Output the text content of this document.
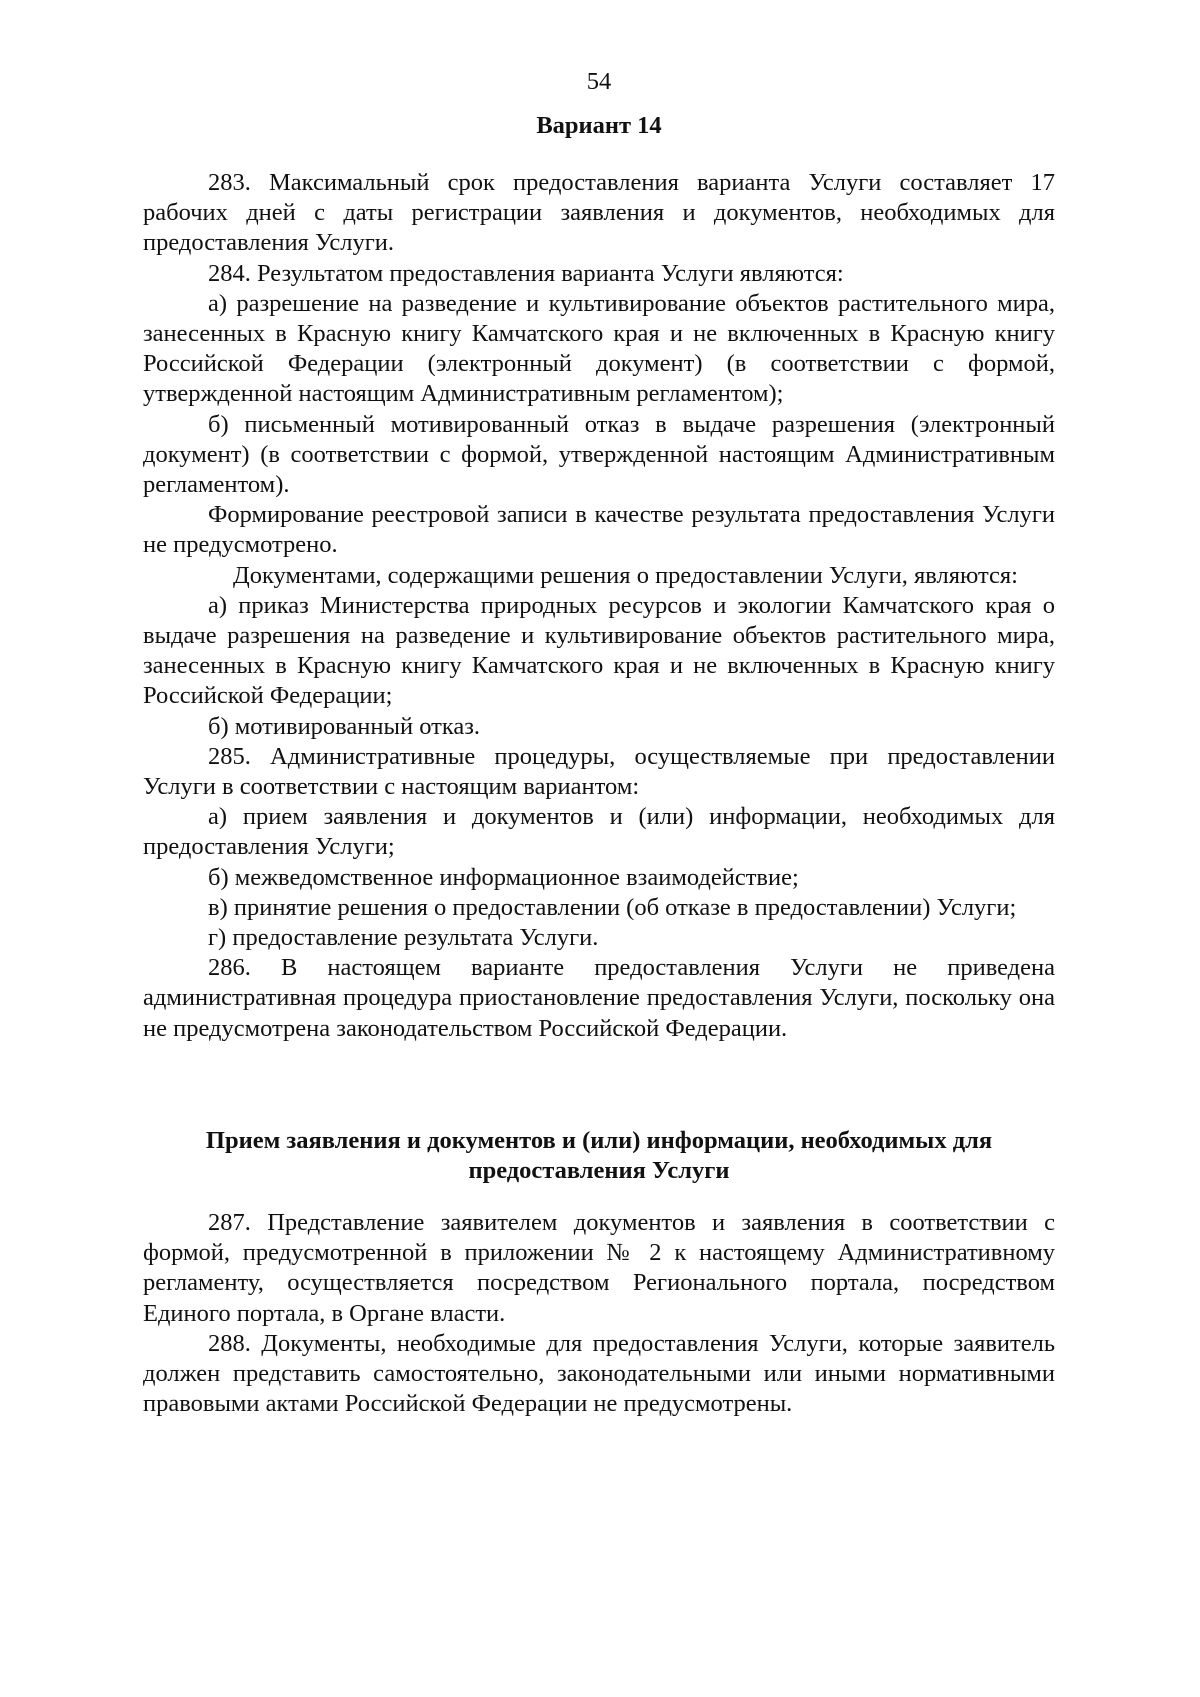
54
Вариант 14

283. Максимальный срок предоставления варианта Услуги составляет 17 рабочих дней с даты регистрации заявления и документов, необходимых для предоставления Услуги.

284. Результатом предоставления варианта Услуги являются:

а) разрешение на разведение и культивирование объектов растительного мира, занесенных в Красную книгу Камчатского края и не включенных в Красную книгу Российской Федерации (электронный документ) (в соответствии с формой, утвержденной настоящим Административным регламентом);

б) письменный мотивированный отказ в выдаче разрешения (электронный документ) (в соответствии с формой, утвержденной настоящим Административным регламентом).

Формирование реестровой записи в качестве результата предоставления Услуги не предусмотрено.

Документами, содержащими решения о предоставлении Услуги, являются:

а) приказ Министерства природных ресурсов и экологии Камчатского края о выдаче разрешения на разведение и культивирование объектов растительного мира, занесенных в Красную книгу Камчатского края и не включенных в Красную книгу Российской Федерации;

б) мотивированный отказ.

285. Административные процедуры, осуществляемые при предоставлении Услуги в соответствии с настоящим вариантом:

а) прием заявления и документов и (или) информации, необходимых для предоставления Услуги;

б) межведомственное информационное взаимодействие;

в) принятие решения о предоставлении (об отказе в предоставлении) Услуги;

г) предоставление результата Услуги.

286. В настоящем варианте предоставления Услуги не приведена административная процедура приостановление предоставления Услуги, поскольку она не предусмотрена законодательством Российской Федерации.

Прием заявления и документов и (или) информации, необходимых для предоставления Услуги

287. Представление заявителем документов и заявления в соответствии с формой, предусмотренной в приложении № 2 к настоящему Административному регламенту, осуществляется посредством Регионального портала, посредством Единого портала, в Органе власти.

288. Документы, необходимые для предоставления Услуги, которые заявитель должен представить самостоятельно, законодательными или иными нормативными правовыми актами Российской Федерации не предусмотрены.
